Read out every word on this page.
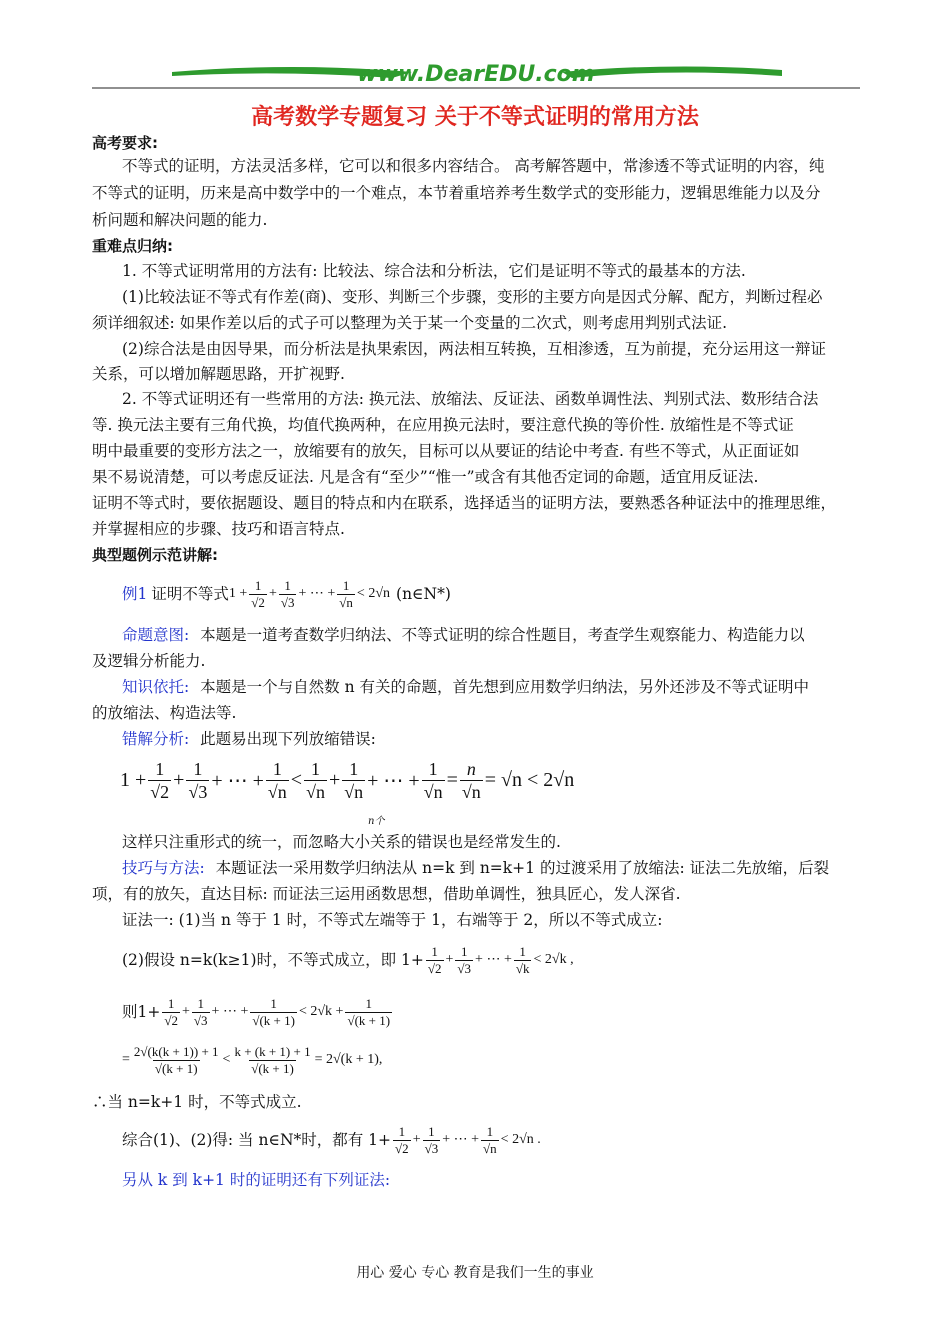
www.DearEDU.com
高考数学专题复习 关于不等式证明的常用方法
高考要求:
不等式的证明，方法灵活多样，它可以和很多内容结合。 高考解答题中，常渗透不等式证明的内容，纯
不等式的证明，历来是高中数学中的一个难点，本节着重培养考生数学式的变形能力，逻辑思维能力以及分
析问题和解决问题的能力.
重难点归纳:
1. 不等式证明常用的方法有: 比较法、综合法和分析法，它们是证明不等式的最基本的方法.
(1)比较法证不等式有作差(商)、变形、判断三个步骤，变形的主要方向是因式分解、配方，判断过程必
须详细叙述: 如果作差以后的式子可以整理为关于某一个变量的二次式，则考虑用判别式法证.
(2)综合法是由因导果，而分析法是执果索因，两法相互转换，互相渗透，互为前提，充分运用这一辩证
关系，可以增加解题思路，开扩视野.
2. 不等式证明还有一些常用的方法: 换元法、放缩法、反证法、函数单调性法、判别式法、数形结合法
等. 换元法主要有三角代换，均值代换两种，在应用换元法时，要注意代换的等价性. 放缩性是不等式证
明中最重要的变形方法之一，放缩要有的放矢，目标可以从要证的结论中考查. 有些不等式，从正面证如
果不易说清楚，可以考虑反证法. 凡是含有“至少”“惟一”或含有其他否定词的命题，适宜用反证法.
证明不等式时，要依据题设、题目的特点和内在联系，选择适当的证明方法，要熟悉各种证法中的推理思维，
并掌握相应的步骤、技巧和语言特点.
典型题例示范讲解:
例1 证明不等式 $1 + \frac{1}{√2} + \frac{1}{√3}$ + ⋯ + $\frac{1}{√n} < 2√n$ (n∈N*)
命题意图: 本题是一道考查数学归纳法、不等式证明的综合性题目，考查学生观察能力、构造能力以
及逻辑分析能力.
知识依托: 本题是一个与自然数 n 有关的命题，首先想到应用数学归纳法，另外还涉及不等式证明中
的放缩法、构造法等.
错解分析: 此题易出现下列放缩错误:
$1 + \frac{1}{√2} + \frac{1}{√3}$ + ⋯ + $\frac{1}{√n} < \frac{1}{√n} + \frac{1}{√n}$ + ⋯ + $\frac{1}{√n} = \frac{n}{√n} = √n < 2√n$
n个
这样只注重形式的统一，而忽略大小关系的错误也是经常发生的.
技巧与方法: 本题证法一采用数学归纳法从 n=k 到 n=k+1 的过渡采用了放缩法: 证法二先放缩，后裂
项，有的放矢，直达目标: 而证法三运用函数思想，借助单调性，独具匠心，发人深省.
证法一: (1)当 n 等于 1 时，不等式左端等于 1，右端等于 2，所以不等式成立:
(2)假设 n=k(k≥1)时，不等式成立，即 $1+ \frac{1}{√2} + \frac{1}{√3}$ + ⋯ + $\frac{1}{√k} < 2√k$ ,
则$1+ \frac{1}{√2} + \frac{1}{√3}$ + ⋯ + $\frac{1}{√(k + 1)} < 2√k + \frac{1}{√(k + 1)}$
= $\frac{2√(k(k + 1)) + 1}{√(k + 1)} < \frac{k + (k + 1) + 1}{√(k + 1)} = 2√(k + 1)$,
∴当 n=k+1 时，不等式成立.
综合(1)、(2)得: 当 n∈N*时，都有 $1+ \frac{1}{√2} + \frac{1}{√3}$ + ⋯ + $\frac{1}{√n} < 2√n$ .
另从 k 到 k+1 时的证明还有下列证法:
用心 爱心 专心 教育是我们一生的事业
